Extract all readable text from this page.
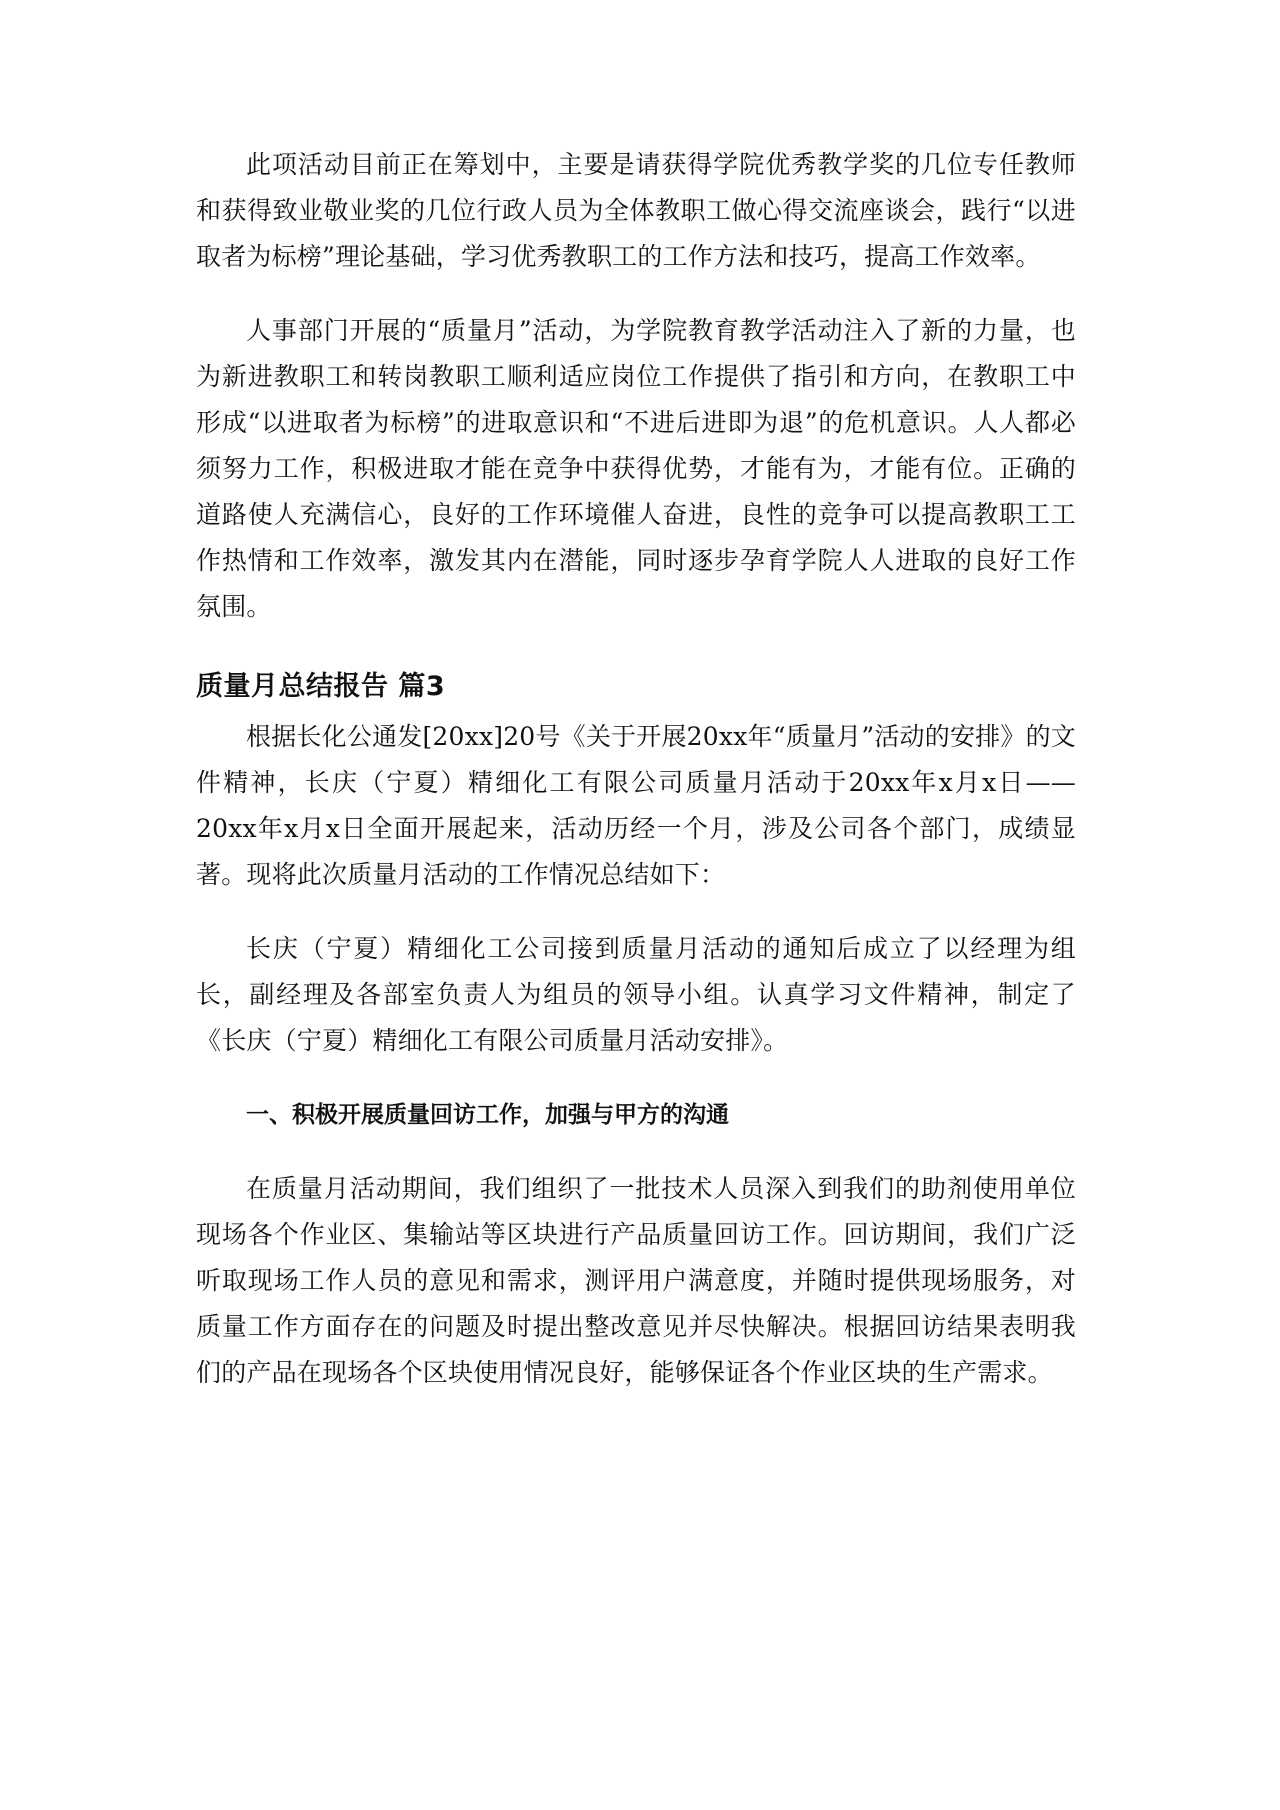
此项活动目前正在筹划中，主要是请获得学院优秀教学奖的几位专任教师和获得致业敬业奖的几位行政人员为全体教职工做心得交流座谈会，践行“以进取者为标榜”理论基础，学习优秀教职工的工作方法和技巧，提高工作效率。

人事部门开展的“质量月”活动，为学院教育教学活动注入了新的力量，也为新进教职工和转岗教职工顺利适应岗位工作提供了指引和方向，在教职工中形成“以进取者为标榜”的进取意识和“不进后进即为退”的危机意识。人人都必须努力工作，积极进取才能在竞争中获得优势，才能有为，才能有位。正确的道路使人充满信心，良好的工作环境催人奋进，良性的竞争可以提高教职工工作热情和工作效率，激发其内在潜能，同时逐步孕育学院人人进取的良好工作氛围。

质量月总结报告 篇3

根据长化公通发[20xx]20号《关于开展20xx年“质量月”活动的安排》的文件精神，长庆（宁夏）精细化工有限公司质量月活动于20xx年x月x日——20xx年x月x日全面开展起来，活动历经一个月，涉及公司各个部门，成绩显著。现将此次质量月活动的工作情况总结如下：

长庆（宁夏）精细化工公司接到质量月活动的通知后成立了以经理为组长，副经理及各部室负责人为组员的领导小组。认真学习文件精神，制定了《长庆（宁夏）精细化工有限公司质量月活动安排》。

一、积极开展质量回访工作，加强与甲方的沟通

在质量月活动期间，我们组织了一批技术人员深入到我们的助剂使用单位现场各个作业区、集输站等区块进行产品质量回访工作。回访期间，我们广泛听取现场工作人员的意见和需求，测评用户满意度，并随时提供现场服务，对质量工作方面存在的问题及时提出整改意见并尽快解决。根据回访结果表明我们的产品在现场各个区块使用情况良好，能够保证各个作业区块的生产需求。
